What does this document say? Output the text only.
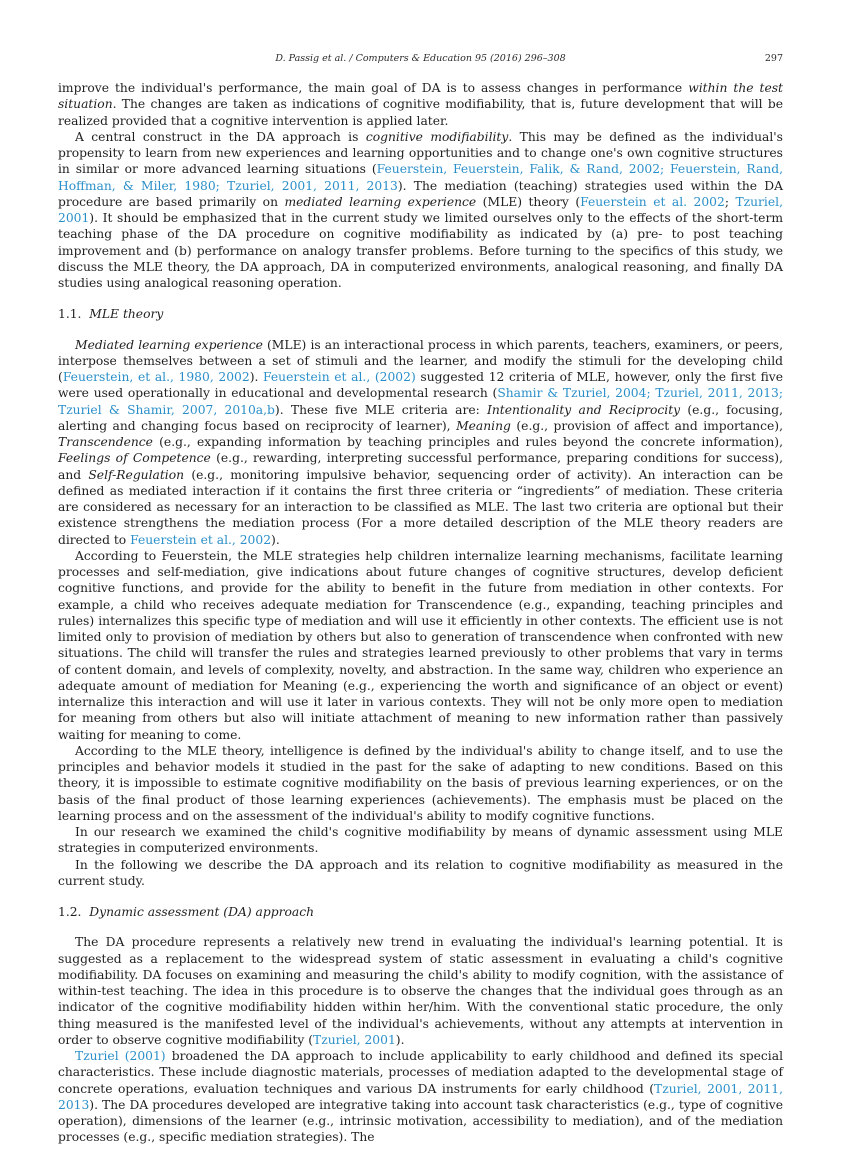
D. Passig et al. / Computers & Education 95 (2016) 296–308	297

improve the individual's performance, the main goal of DA is to assess changes in performance within the test situation. The changes are taken as indications of cognitive modifiability, that is, future development that will be realized provided that a cognitive intervention is applied later.

A central construct in the DA approach is cognitive modifiability. This may be defined as the individual's propensity to learn from new experiences and learning opportunities and to change one's own cognitive structures in similar or more advanced learning situations (Feuerstein, Feuerstein, Falik, & Rand, 2002; Feuerstein, Rand, Hoffman, & Miler, 1980; Tzuriel, 2001, 2011, 2013). The mediation (teaching) strategies used within the DA procedure are based primarily on mediated learning experience (MLE) theory (Feuerstein et al. 2002; Tzuriel, 2001). It should be emphasized that in the current study we limited ourselves only to the effects of the short-term teaching phase of the DA procedure on cognitive modifiability as indicated by (a) pre- to post teaching improvement and (b) performance on analogy transfer problems. Before turning to the specifics of this study, we discuss the MLE theory, the DA approach, DA in computerized environments, analogical reasoning, and finally DA studies using analogical reasoning operation.

1.1. MLE theory

Mediated learning experience (MLE) is an interactional process in which parents, teachers, examiners, or peers, interpose themselves between a set of stimuli and the learner, and modify the stimuli for the developing child (Feuerstein, et al., 1980, 2002). Feuerstein et al., (2002) suggested 12 criteria of MLE, however, only the first five were used operationally in educational and developmental research (Shamir & Tzuriel, 2004; Tzuriel, 2011, 2013; Tzuriel & Shamir, 2007, 2010a,b). These five MLE criteria are: Intentionality and Reciprocity (e.g., focusing, alerting and changing focus based on reciprocity of learner), Meaning (e.g., provision of affect and importance), Transcendence (e.g., expanding information by teaching principles and rules beyond the concrete information), Feelings of Competence (e.g., rewarding, interpreting successful performance, preparing conditions for success), and Self-Regulation (e.g., monitoring impulsive behavior, sequencing order of activity). An interaction can be defined as mediated interaction if it contains the first three criteria or “ingredients” of mediation. These criteria are considered as necessary for an interaction to be classified as MLE. The last two criteria are optional but their existence strengthens the mediation process (For a more detailed description of the MLE theory readers are directed to Feuerstein et al., 2002).

According to Feuerstein, the MLE strategies help children internalize learning mechanisms, facilitate learning processes and self-mediation, give indications about future changes of cognitive structures, develop deficient cognitive functions, and provide for the ability to benefit in the future from mediation in other contexts. For example, a child who receives adequate mediation for Transcendence (e.g., expanding, teaching principles and rules) internalizes this specific type of mediation and will use it efficiently in other contexts. The efficient use is not limited only to provision of mediation by others but also to generation of transcendence when confronted with new situations. The child will transfer the rules and strategies learned previously to other problems that vary in terms of content domain, and levels of complexity, novelty, and abstraction. In the same way, children who experience an adequate amount of mediation for Meaning (e.g., experiencing the worth and significance of an object or event) internalize this interaction and will use it later in various contexts. They will not be only more open to mediation for meaning from others but also will initiate attachment of meaning to new information rather than passively waiting for meaning to come.

According to the MLE theory, intelligence is defined by the individual's ability to change itself, and to use the principles and behavior models it studied in the past for the sake of adapting to new conditions. Based on this theory, it is impossible to estimate cognitive modifiability on the basis of previous learning experiences, or on the basis of the final product of those learning experiences (achievements). The emphasis must be placed on the learning process and on the assessment of the individual's ability to modify cognitive functions.

In our research we examined the child's cognitive modifiability by means of dynamic assessment using MLE strategies in computerized environments.

In the following we describe the DA approach and its relation to cognitive modifiability as measured in the current study.

1.2. Dynamic assessment (DA) approach

The DA procedure represents a relatively new trend in evaluating the individual's learning potential. It is suggested as a replacement to the widespread system of static assessment in evaluating a child's cognitive modifiability. DA focuses on examining and measuring the child's ability to modify cognition, with the assistance of within-test teaching. The idea in this procedure is to observe the changes that the individual goes through as an indicator of the cognitive modifiability hidden within her/him. With the conventional static procedure, the only thing measured is the manifested level of the individual's achievements, without any attempts at intervention in order to observe cognitive modifiability (Tzuriel, 2001).

Tzuriel (2001) broadened the DA approach to include applicability to early childhood and defined its special characteristics. These include diagnostic materials, processes of mediation adapted to the developmental stage of concrete operations, evaluation techniques and various DA instruments for early childhood (Tzuriel, 2001, 2011, 2013). The DA procedures developed are integrative taking into account task characteristics (e.g., type of cognitive operation), dimensions of the learner (e.g., intrinsic motivation, accessibility to mediation), and of the mediation processes (e.g., specific mediation strategies). The
